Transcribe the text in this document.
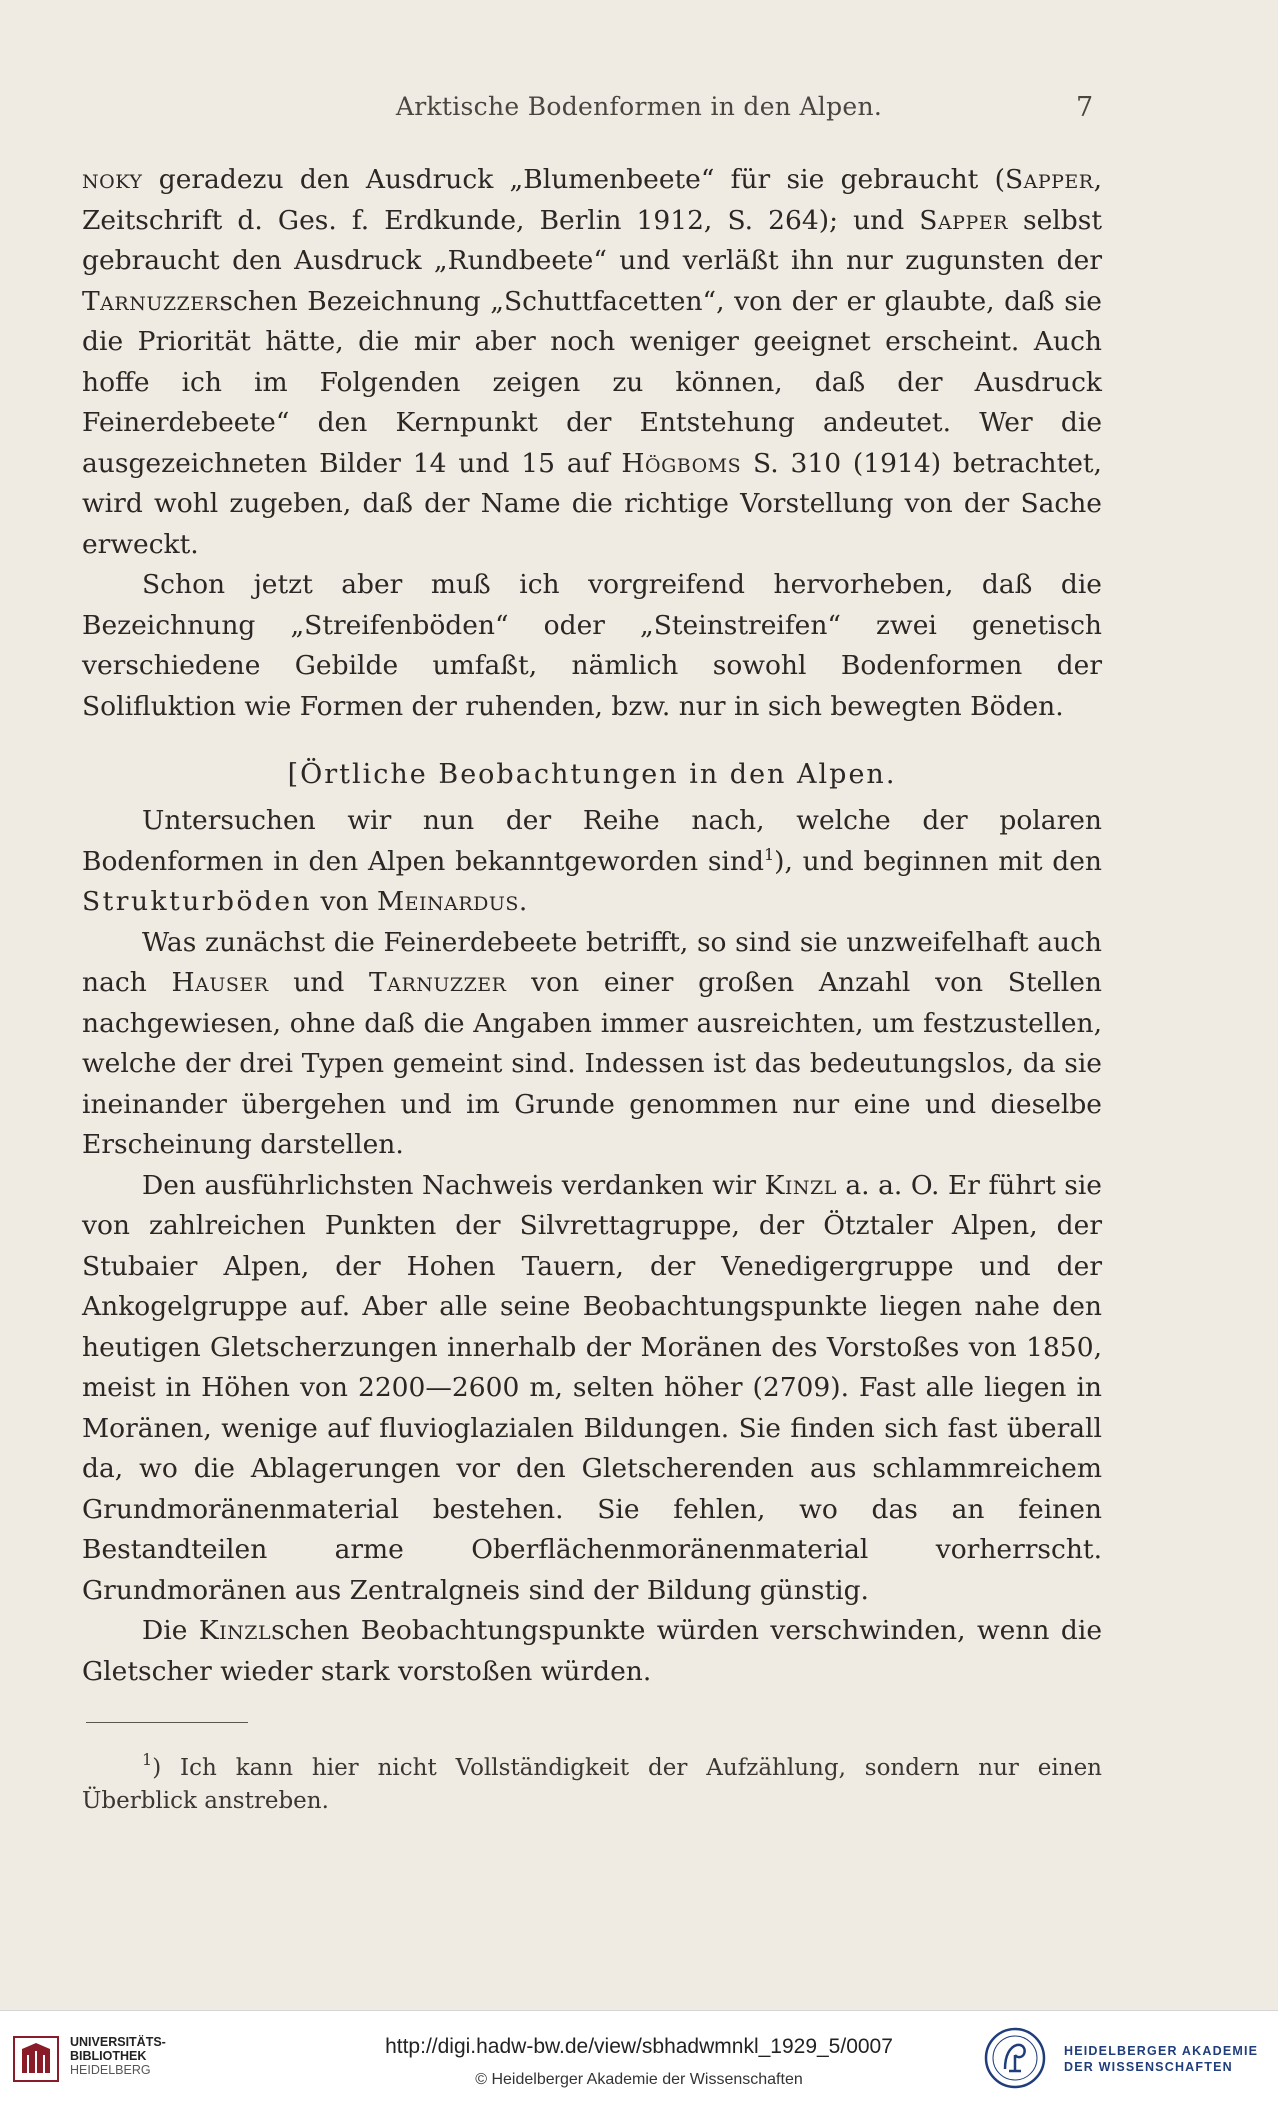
Arktische Bodenformen in den Alpen.	7

noky geradezu den Ausdruck „Blumenbeete“ für sie gebraucht (Sapper, Zeitschrift d. Ges. f. Erdkunde, Berlin 1912, S. 264); und Sapper selbst gebraucht den Ausdruck „Rundbeete“ und verläßt ihn nur zugunsten der Tarnuzzerschen Bezeichnung „Schuttfacetten“, von der er glaubte, daß sie die Priorität hätte, die mir aber noch weniger geeignet erscheint. Auch hoffe ich im Folgenden zeigen zu können, daß der Ausdruck Feinerdebeete“ den Kernpunkt der Entstehung andeutet. Wer die ausgezeichneten Bilder 14 und 15 auf Högboms S. 310 (1914) betrachtet, wird wohl zugeben, daß der Name die richtige Vorstellung von der Sache erweckt.

Schon jetzt aber muß ich vorgreifend hervorheben, daß die Bezeichnung „Streifenböden“ oder „Steinstreifen“ zwei genetisch verschiedene Gebilde umfaßt, nämlich sowohl Bodenformen der Solifluktion wie Formen der ruhenden, bzw. nur in sich bewegten Böden.

[Örtliche Beobachtungen in den Alpen.

Untersuchen wir nun der Reihe nach, welche der polaren Bodenformen in den Alpen bekanntgeworden sind$^1$), und beginnen mit den Strukturböden von Meinardus.

Was zunächst die Feinerdebeete betrifft, so sind sie unzweifelhaft auch nach Hauser und Tarnuzzer von einer großen Anzahl von Stellen nachgewiesen, ohne daß die Angaben immer ausreichten, um festzustellen, welche der drei Typen gemeint sind. Indessen ist das bedeutungslos, da sie ineinander übergehen und im Grunde genommen nur eine und dieselbe Erscheinung darstellen.

Den ausführlichsten Nachweis verdanken wir Kinzl a. a. O. Er führt sie von zahlreichen Punkten der Silvrettagruppe, der Ötztaler Alpen, der Stubaier Alpen, der Hohen Tauern, der Venedigergruppe und der Ankogelgruppe auf. Aber alle seine Beobachtungspunkte liegen nahe den heutigen Gletscherzungen innerhalb der Moränen des Vorstoßes von 1850, meist in Höhen von 2200—2600 m, selten höher (2709). Fast alle liegen in Moränen, wenige auf fluvioglazialen Bildungen. Sie finden sich fast überall da, wo die Ablagerungen vor den Gletscherenden aus schlammreichem Grundmoränenmaterial bestehen. Sie fehlen, wo das an feinen Bestandteilen arme Oberflächenmoränenmaterial vorherrscht. Grundmoränen aus Zentralgneis sind der Bildung günstig.

Die Kinzlschen Beobachtungspunkte würden verschwinden, wenn die Gletscher wieder stark vorstoßen würden.

$^1$) Ich kann hier nicht Vollständigkeit der Aufzählung, sondern nur einen Überblick anstreben.

UNIVERSITÄTS-
BIBLIOTHEK
HEIDELBERG
http://digi.hadw-bw.de/view/sbhadwmnkl_1929_5/0007
© Heidelberger Akademie der Wissenschaften
HEIDELBERGER AKADEMIE
DER WISSENSCHAFTEN
